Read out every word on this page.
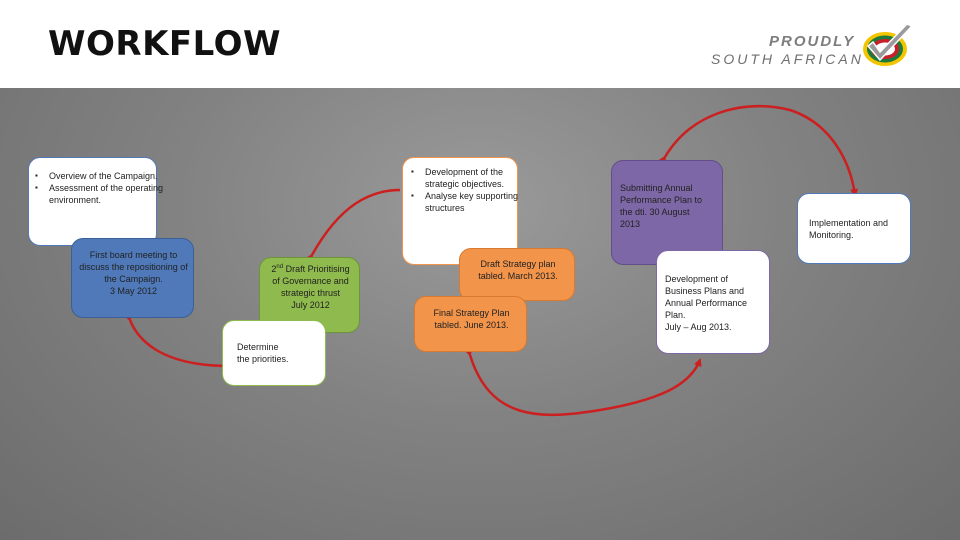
WORKFLOW	PROUDLY
SOUTH AFRICAN
▪ Overview of the Campaign.
▪ Assessment of the operating environment.
First board meeting to
discuss the repositioning of
the Campaign.
3 May 2012
2nd Draft Prioritising
of Governance and
strategic thrust
July 2012
Determine
the priorities.
▪ Development of the strategic objectives.
▪ Analyse key supporting structures
Draft Strategy plan
tabled. March 2013.
Final Strategy Plan
tabled. June 2013.
Submitting Annual
Performance Plan to
the dti. 30 August
2013
Development of
Business Plans and
Annual Performance
Plan.
July – Aug 2013.
Implementation and
Monitoring.
